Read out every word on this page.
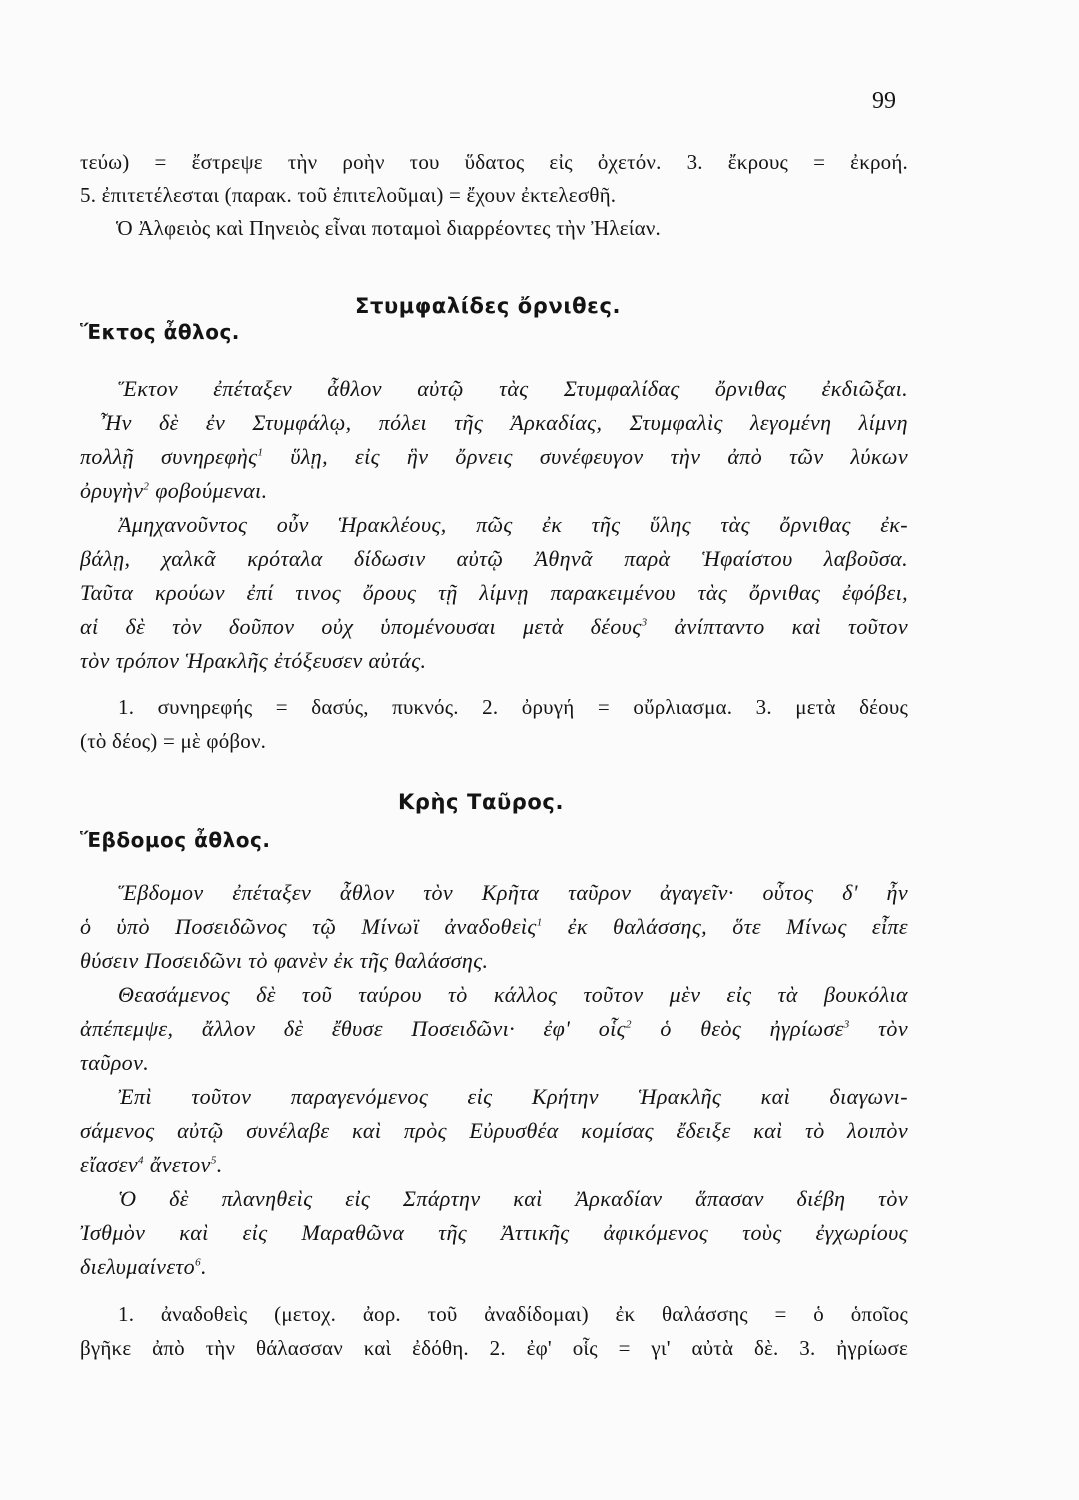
99
τεύω) = ἔστρεψε τὴν ροὴν του ὕδατος εἰς ὀχετόν. 3. ἔκρους = ἐκροή.
5. ἐπιτετέλεσται (παρακ. τοῦ ἐπιτελοῦμαι) = ἔχουν ἐκτελεσθῆ.
Ὁ Ἀλφειὸς καὶ Πηνειὸς εἶναι ποταμοὶ διαρρέοντες τὴν Ἠλείαν.
Στυμφαλίδες ὄρνιθες.
Ἕκτος ἆθλος.
Ἕκτον ἐπέταξεν ἆθλον αὐτῷ τὰς Στυμφαλίδας ὄρνιθας ἐκδιῶξαι.
Ἦν δὲ ἐν Στυμφάλῳ, πόλει τῆς Ἀρκαδίας, Στυμφαλὶς λεγομένη λίμνη
πολλῇ συνηρεφὴς$^1$ ὕλῃ, εἰς ἣν ὄρνεις συνέφευγον τὴν ἀπὸ τῶν λύκων
ὀρυγὴν$^2$ φοβούμεναι.
Ἀμηχανοῦντος οὖν Ἡρακλέους, πῶς ἐκ τῆς ὕλης τὰς ὄρνιθας ἐκ-
βάλῃ, χαλκᾶ κρόταλα δίδωσιν αὐτῷ Ἀθηνᾶ παρὰ Ἡφαίστου λαβοῦσα.
Ταῦτα κρούων ἐπί τινος ὄρους τῇ λίμνῃ παρακειμένου τὰς ὄρνιθας ἐφόβει,
αἱ δὲ τὸν δοῦπον οὐχ ὑπομένουσαι μετὰ δέους$^3$ ἀνίπταντο καὶ τοῦτον
τὸν τρόπον Ἡρακλῆς ἐτόξευσεν αὐτάς.
1. συνηρεφής = δασύς, πυκνός. 2. ὀρυγή = οὔρλιασμα. 3. μετὰ δέους
(τὸ δέος) = μὲ φόβον.
Κρὴς Ταῦρος.
Ἕβδομος ἆθλος.
Ἕβδομον ἐπέταξεν ἆθλον τὸν Κρῆτα ταῦρον ἀγαγεῖν· οὗτος δ' ἦν
ὁ ὑπὸ Ποσειδῶνος τῷ Μίνωϊ ἀναδοθεὶς$^1$ ἐκ θαλάσσης, ὅτε Μίνως εἶπε
θύσειν Ποσειδῶνι τὸ φανὲν ἐκ τῆς θαλάσσης.
Θεασάμενος δὲ τοῦ ταύρου τὸ κάλλος τοῦτον μὲν εἰς τὰ βουκόλια
ἀπέπεμψε, ἄλλον δὲ ἔθυσε Ποσειδῶνι· ἐφ' οἷς$^2$ ὁ θεὸς ἠγρίωσε$^3$ τὸν
ταῦρον.
Ἐπὶ τοῦτον παραγενόμενος εἰς Κρήτην Ἡρακλῆς καὶ διαγωνι-
σάμενος αὐτῷ συνέλαβε καὶ πρὸς Εὐρυσθέα κομίσας ἔδειξε καὶ τὸ λοιπὸν
εἴασεν$^4$ ἄνετον$^5$.
Ὁ δὲ πλανηθεὶς εἰς Σπάρτην καὶ Ἀρκαδίαν ἅπασαν διέβη τὸν
Ἰσθμὸν καὶ εἰς Μαραθῶνα τῆς Ἀττικῆς ἀφικόμενος τοὺς ἐγχωρίους
διελυμαίνετο$^6$.
1. ἀναδοθεὶς (μετοχ. ἀορ. τοῦ ἀναδίδομαι) ἐκ θαλάσσης = ὁ ὁποῖος
βγῆκε ἀπὸ τὴν θάλασσαν καὶ ἐδόθη. 2. ἐφ' οἷς = γι' αὐτὰ δὲ. 3. ἠγρίωσε
